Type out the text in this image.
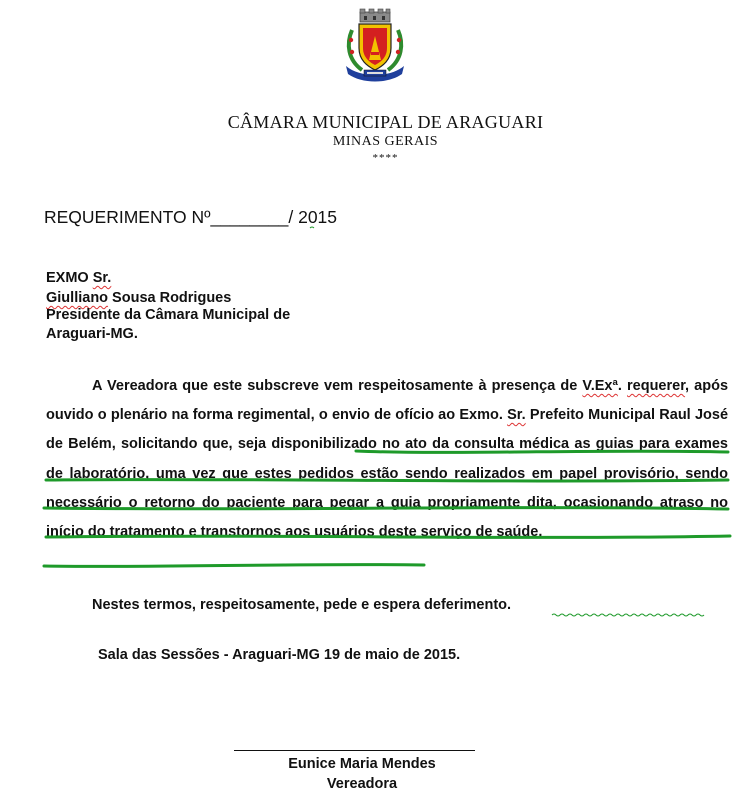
CÂMARA MUNICIPAL DE ARAGUARI
MINAS GERAIS
****
REQUERIMENTO Nº________/ 2015
EXMO Sr.
Giulliano Sousa Rodrigues
Presidente da Câmara Municipal de
Araguari-MG.

A Vereadora que este subscreve vem respeitosamente à presença de V.Exª. requerer, após ouvido o plenário na forma regimental, o envio de ofício ao Exmo. Sr. Prefeito Municipal Raul José de Belém, solicitando que, seja disponibilizado no ato da consulta médica as guias para exames de laboratório, uma vez que estes pedidos estão sendo realizados em papel provisório, sendo necessário o retorno do paciente para pegar a guia propriamente dita, ocasionando atraso no início do tratamento e transtornos aos usuários deste serviço de saúde.

Nestes termos, respeitosamente, pede e espera deferimento.
Sala das Sessões - Araguari-MG 19 de maio de 2015.
Eunice Maria Mendes
Vereadora
